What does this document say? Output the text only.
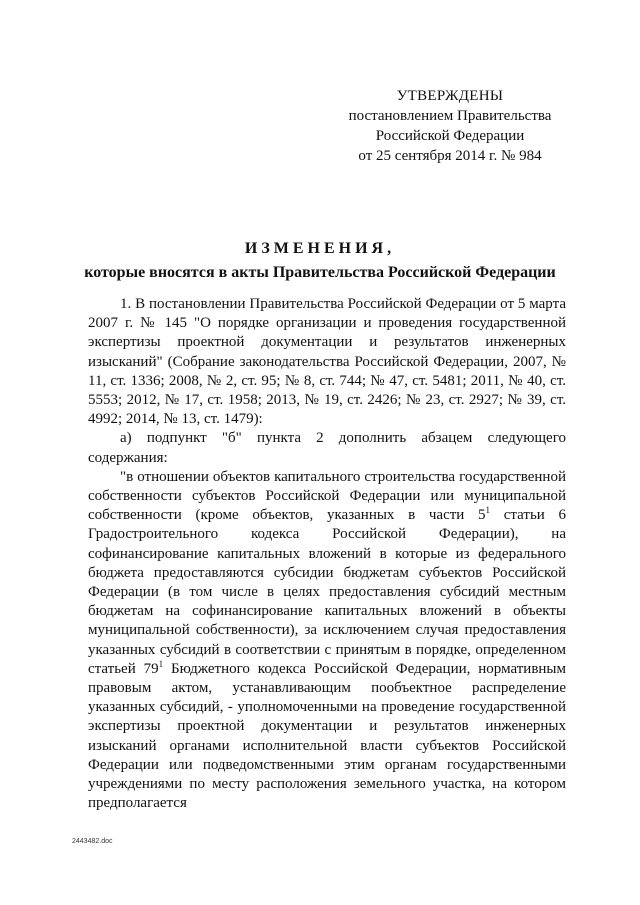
УТВЕРЖДЕНЫ
постановлением Правительства
Российской Федерации
от 25 сентября 2014 г. № 984
ИЗМЕНЕНИЯ,
которые вносятся в акты Правительства Российской Федерации

1. В постановлении Правительства Российской Федерации от 5 марта 2007 г. № 145 "О порядке организации и проведения государственной экспертизы проектной документации и результатов инженерных изысканий" (Собрание законодательства Российской Федерации, 2007, № 11, ст. 1336; 2008, № 2, ст. 95; № 8, ст. 744; № 47, ст. 5481; 2011, № 40, ст. 5553; 2012, № 17, ст. 1958; 2013, № 19, ст. 2426; № 23, ст. 2927; № 39, ст. 4992; 2014, № 13, ст. 1479):

а) подпункт "б" пункта 2 дополнить абзацем следующего содержания:

"в отношении объектов капитального строительства государственной собственности субъектов Российской Федерации или муниципальной собственности (кроме объектов, указанных в части $5^1$ статьи 6 Градостроительного кодекса Российской Федерации), на софинансирование капитальных вложений в которые из федерального бюджета предоставляются субсидии бюджетам субъектов Российской Федерации (в том числе в целях предоставления субсидий местным бюджетам на софинансирование капитальных вложений в объекты муниципальной собственности), за исключением случая предоставления указанных субсидий в соответствии с принятым в порядке, определенном статьей $79^1$ Бюджетного кодекса Российской Федерации, нормативным правовым актом, устанавливающим пообъектное распределение указанных субсидий, - уполномоченными на проведение государственной экспертизы проектной документации и результатов инженерных изысканий органами исполнительной власти субъектов Российской Федерации или подведомственными этим органам государственными учреждениями по месту расположения земельного участка, на котором предполагается

2443482.doc
